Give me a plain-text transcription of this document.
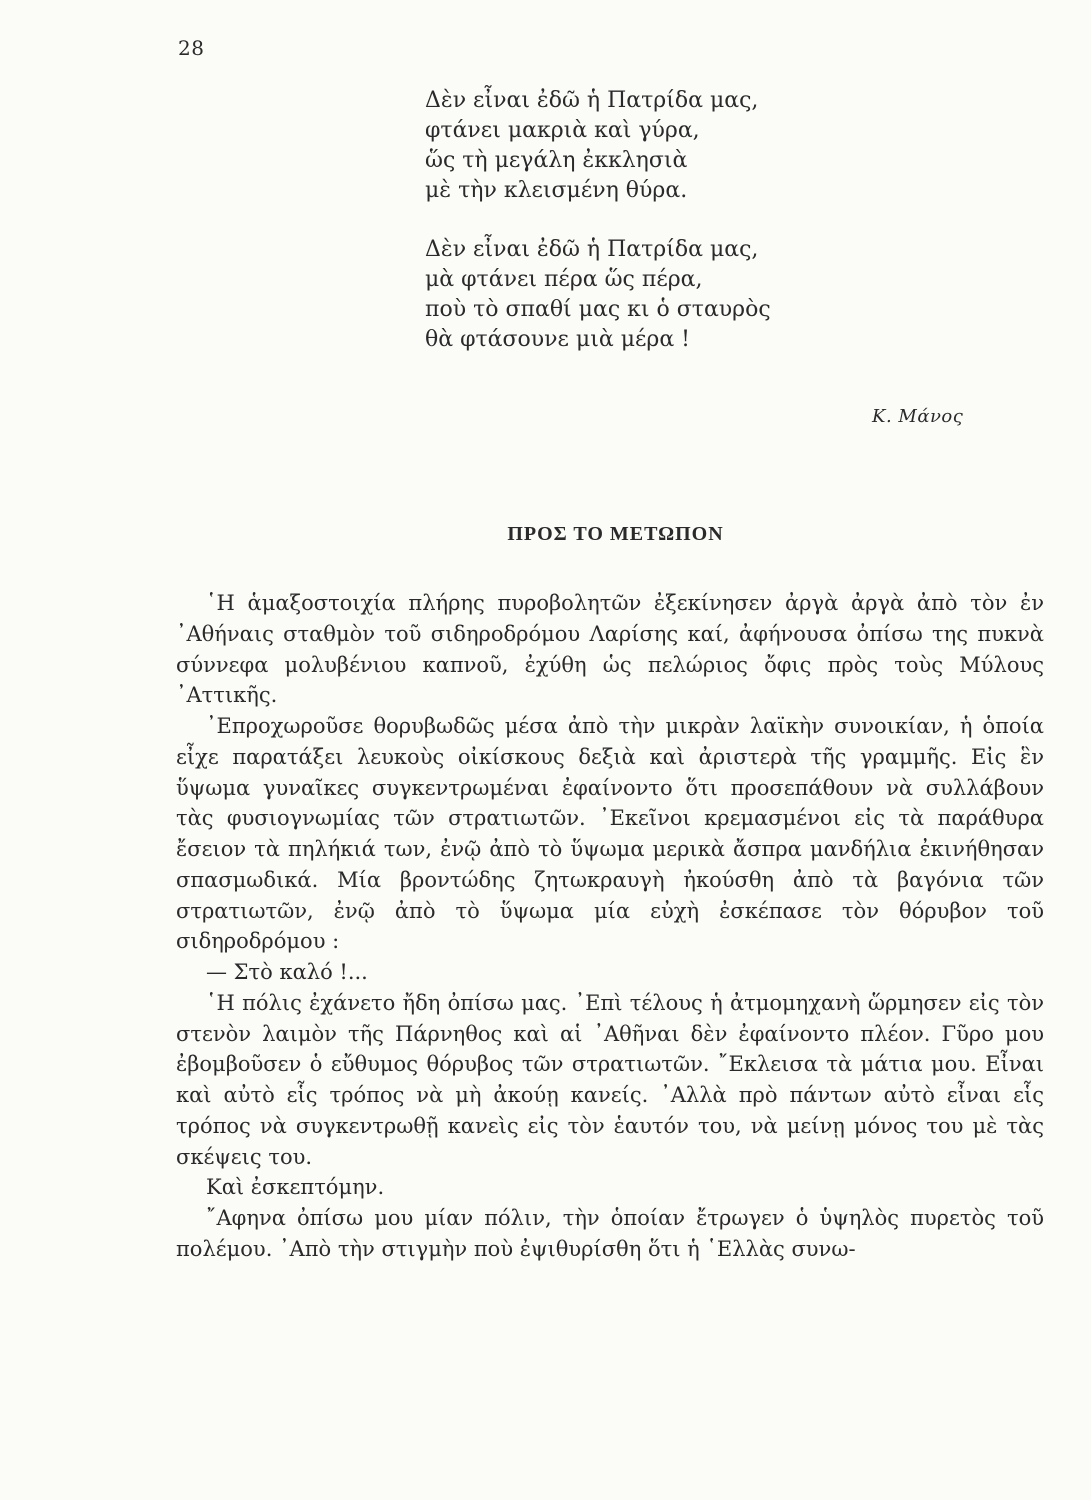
28
Δὲν εἶναι ἐδῶ ἡ Πατρίδα μας,
φτάνει μακριὰ καὶ γύρα,
ὥς τὴ μεγάλη ἐκκλησιὰ
μὲ τὴν κλεισμένη θύρα.
Δὲν εἶναι ἐδῶ ἡ Πατρίδα μας,
μὰ φτάνει πέρα ὥς πέρα,
ποὺ τὸ σπαθί μας κι ὁ σταυρὸς
θὰ φτάσουνε μιὰ μέρα !
Κ. Μάνος
ΠΡΟΣ ΤΟ ΜΕΤΩΠΟΝ

῾Η ἁμαξοστοιχία πλήρης πυροβολητῶν ἐξεκίνησεν ἀργὰ ἀργὰ ἀπὸ τὸν ἐν ᾿Αθήναις σταθμὸν τοῦ σιδηροδρόμου Λαρίσης καί, ἀφήνουσα ὀπίσω της πυκνὰ σύννεφα μολυβένιου καπνοῦ, ἐχύθη ὡς πελώριος ὄφις πρὸς τοὺς Μύλους ᾿Αττικῆς.

᾿Επροχωροῦσε θορυβωδῶς μέσα ἀπὸ τὴν μικρὰν λαϊκὴν συνοικίαν, ἡ ὁποία εἶχε παρατάξει λευκοὺς οἰκίσκους δεξιὰ καὶ ἀριστερὰ τῆς γραμμῆς. Εἰς ἓν ὕψωμα γυναῖκες συγκεντρωμέναι ἐφαίνοντο ὅτι προσεπάθουν νὰ συλλάβουν τὰς φυσιογνωμίας τῶν στρατιωτῶν. ᾿Εκεῖνοι κρεμασμένοι εἰς τὰ παράθυρα ἔσειον τὰ πηλήκιά των, ἐνῷ ἀπὸ τὸ ὕψωμα μερικὰ ἄσπρα μανδήλια ἐκινήθησαν σπασμωδικά. Μία βροντώδης ζητωκραυγὴ ἠκούσθη ἀπὸ τὰ βαγόνια τῶν στρατιωτῶν, ἐνῷ ἀπὸ τὸ ὕψωμα μία εὐχὴ ἐσκέπασε τὸν θόρυβον τοῦ σιδηροδρόμου :

— Στὸ καλό !...

῾Η πόλις ἐχάνετο ἤδη ὀπίσω μας. ᾿Επὶ τέλους ἡ ἀτμομηχανὴ ὥρμησεν εἰς τὸν στενὸν λαιμὸν τῆς Πάρνηθος καὶ αἱ ᾿Αθῆναι δὲν ἐφαίνοντο πλέον. Γῦρο μου ἐβομβοῦσεν ὁ εὔθυμος θόρυβος τῶν στρατιωτῶν. ῎Εκλεισα τὰ μάτια μου. Εἶναι καὶ αὐτὸ εἷς τρόπος νὰ μὴ ἀκούῃ κανείς. ᾿Αλλὰ πρὸ πάντων αὐτὸ εἶναι εἷς τρόπος νὰ συγκεντρωθῇ κανεὶς εἰς τὸν ἑαυτόν του, νὰ μείνῃ μόνος του μὲ τὰς σκέψεις του.

Καὶ ἐσκεπτόμην.

῎Αφηνα ὀπίσω μου μίαν πόλιν, τὴν ὁποίαν ἔτρωγεν ὁ ὑψηλὸς πυρετὸς τοῦ πολέμου. ᾿Απὸ τὴν στιγμὴν ποὺ ἐψιθυρίσθη ὅτι ἡ ῾Ελλὰς συνω-
